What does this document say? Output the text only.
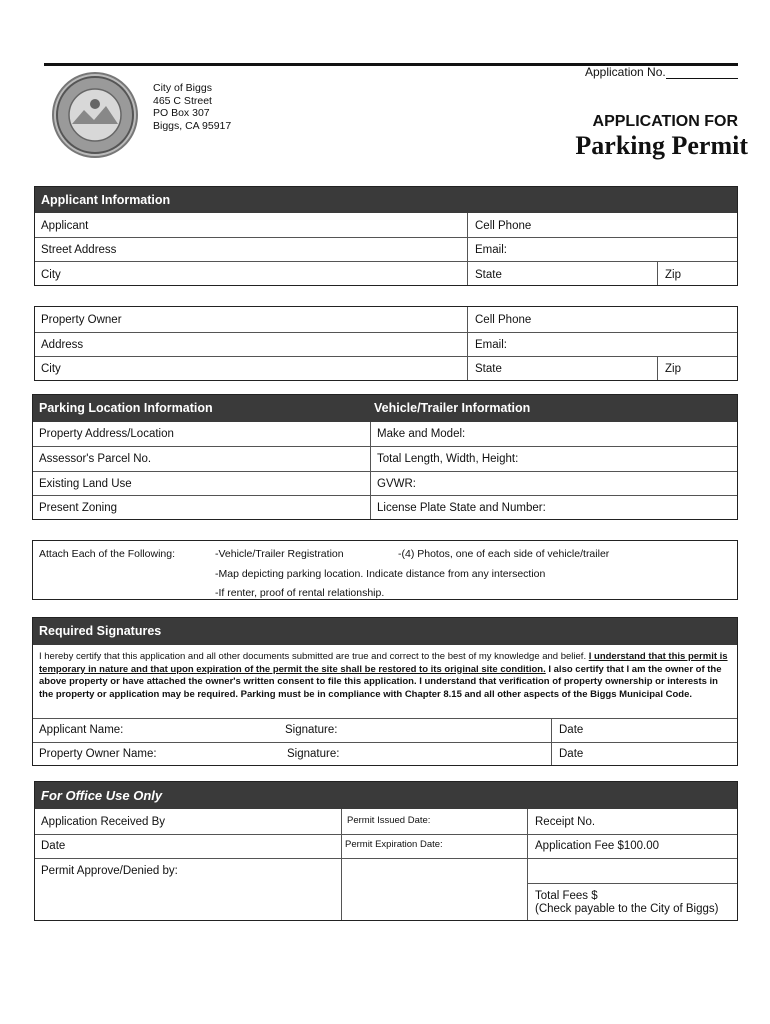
Application No.
City of Biggs
465 C Street
PO Box 307
Biggs, CA 95917	APPLICATION FOR
Parking Permit
Applicant Information
Applicant	Cell Phone
Street Address	Email:
City	State	Zip
Property Owner	Cell Phone
Address	Email:
City	State	Zip
Parking Location Information	Vehicle/Trailer Information
Property Address/Location	Make and Model:
Assessor's Parcel No.	Total Length, Width, Height:
Existing Land Use	GVWR:
Present Zoning	License Plate State and Number:
Attach Each of the Following:	-Vehicle/Trailer Registration	-(4) Photos, one of each side of vehicle/trailer
-Map depicting parking location. Indicate distance from any intersection
-If renter, proof of rental relationship.
Required Signatures
I hereby certify that this application and all other documents submitted are true and correct to the best of my knowledge and belief. I understand that this permit is temporary in nature and that upon expiration of the permit the site shall be restored to its original site condition. I also certify that I am the owner of the above property or have attached the owner's written consent to file this application. I understand that verification of property ownership or interests in the property or application may be required. Parking must be in compliance with Chapter 8.15 and all other aspects of the Biggs Municipal Code.
Applicant Name:	Signature:	Date
Property Owner Name:	Signature:	Date
For Office Use Only
Application Received By	Permit Issued Date:	Receipt No.
Date	Permit Expiration Date:	Application Fee $100.00
Permit Approve/Denied by:
Total Fees $
(Check payable to the City of Biggs)
